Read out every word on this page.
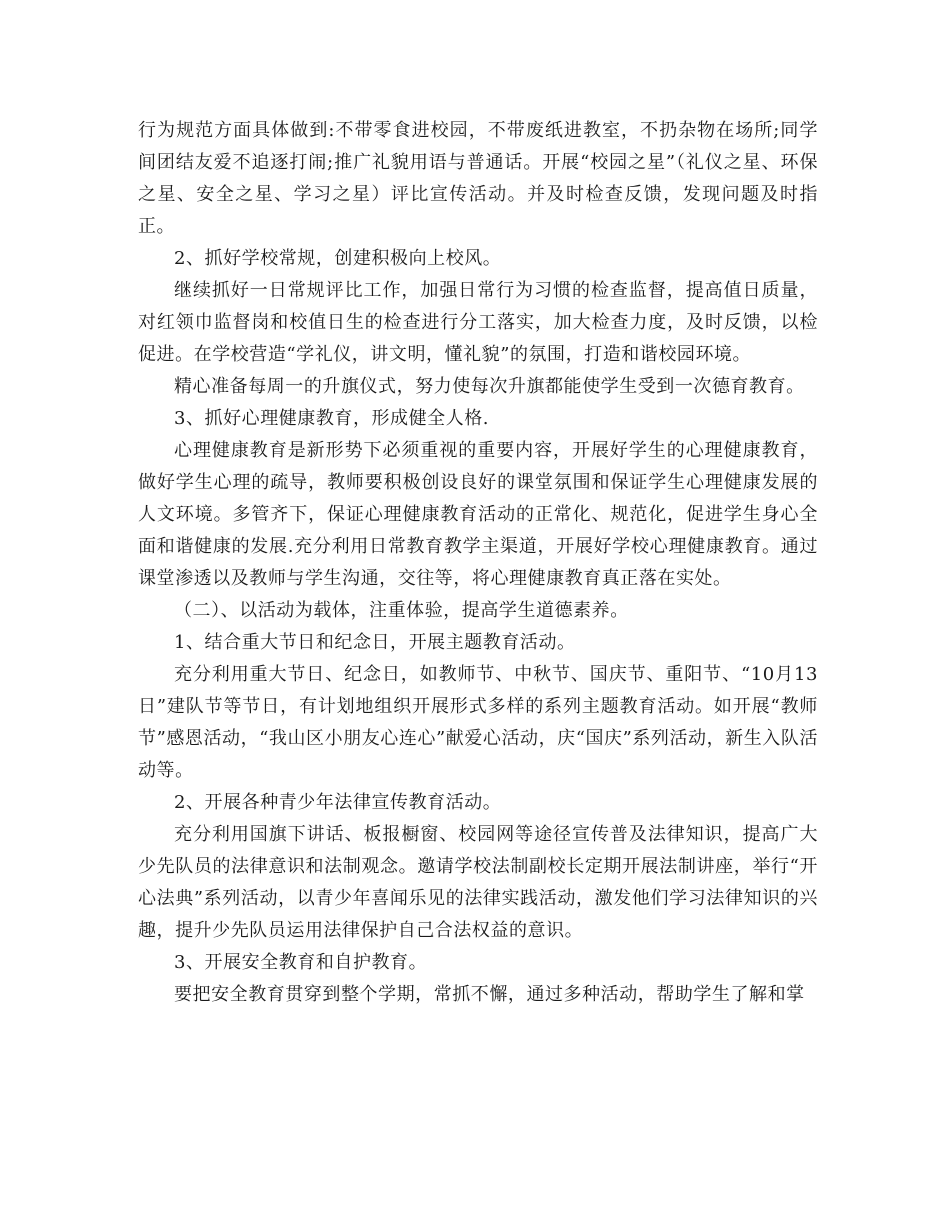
行为规范方面具体做到:不带零食进校园，不带废纸进教室，不扔杂物在场所;同学间团结友爱不追逐打闹;推广礼貌用语与普通话。开展“校园之星”（礼仪之星、环保之星、安全之星、学习之星）评比宣传活动。并及时检查反馈，发现问题及时指正。

2、抓好学校常规，创建积极向上校风。

继续抓好一日常规评比工作，加强日常行为习惯的检查监督，提高值日质量，对红领巾监督岗和校值日生的检查进行分工落实，加大检查力度，及时反馈，以检促进。在学校营造“学礼仪，讲文明，懂礼貌”的氛围，打造和谐校园环境。

精心准备每周一的升旗仪式，努力使每次升旗都能使学生受到一次德育教育。

3、抓好心理健康教育，形成健全人格.

心理健康教育是新形势下必须重视的重要内容，开展好学生的心理健康教育，做好学生心理的疏导，教师要积极创设良好的课堂氛围和保证学生心理健康发展的人文环境。多管齐下，保证心理健康教育活动的正常化、规范化，促进学生身心全面和谐健康的发展.充分利用日常教育教学主渠道，开展好学校心理健康教育。通过课堂渗透以及教师与学生沟通，交往等，将心理健康教育真正落在实处。

（二）、以活动为载体，注重体验，提高学生道德素养。

1、结合重大节日和纪念日，开展主题教育活动。

充分利用重大节日、纪念日，如教师节、中秋节、国庆节、重阳节、“10月13日”建队节等节日，有计划地组织开展形式多样的系列主题教育活动。如开展“教师节”感恩活动，“我山区小朋友心连心”献爱心活动，庆“国庆”系列活动，新生入队活动等。

2、开展各种青少年法律宣传教育活动。

充分利用国旗下讲话、板报橱窗、校园网等途径宣传普及法律知识，提高广大少先队员的法律意识和法制观念。邀请学校法制副校长定期开展法制讲座，举行“开心法典”系列活动，以青少年喜闻乐见的法律实践活动，激发他们学习法律知识的兴趣，提升少先队员运用法律保护自己合法权益的意识。

3、开展安全教育和自护教育。

要把安全教育贯穿到整个学期，常抓不懈，通过多种活动，帮助学生了解和掌
